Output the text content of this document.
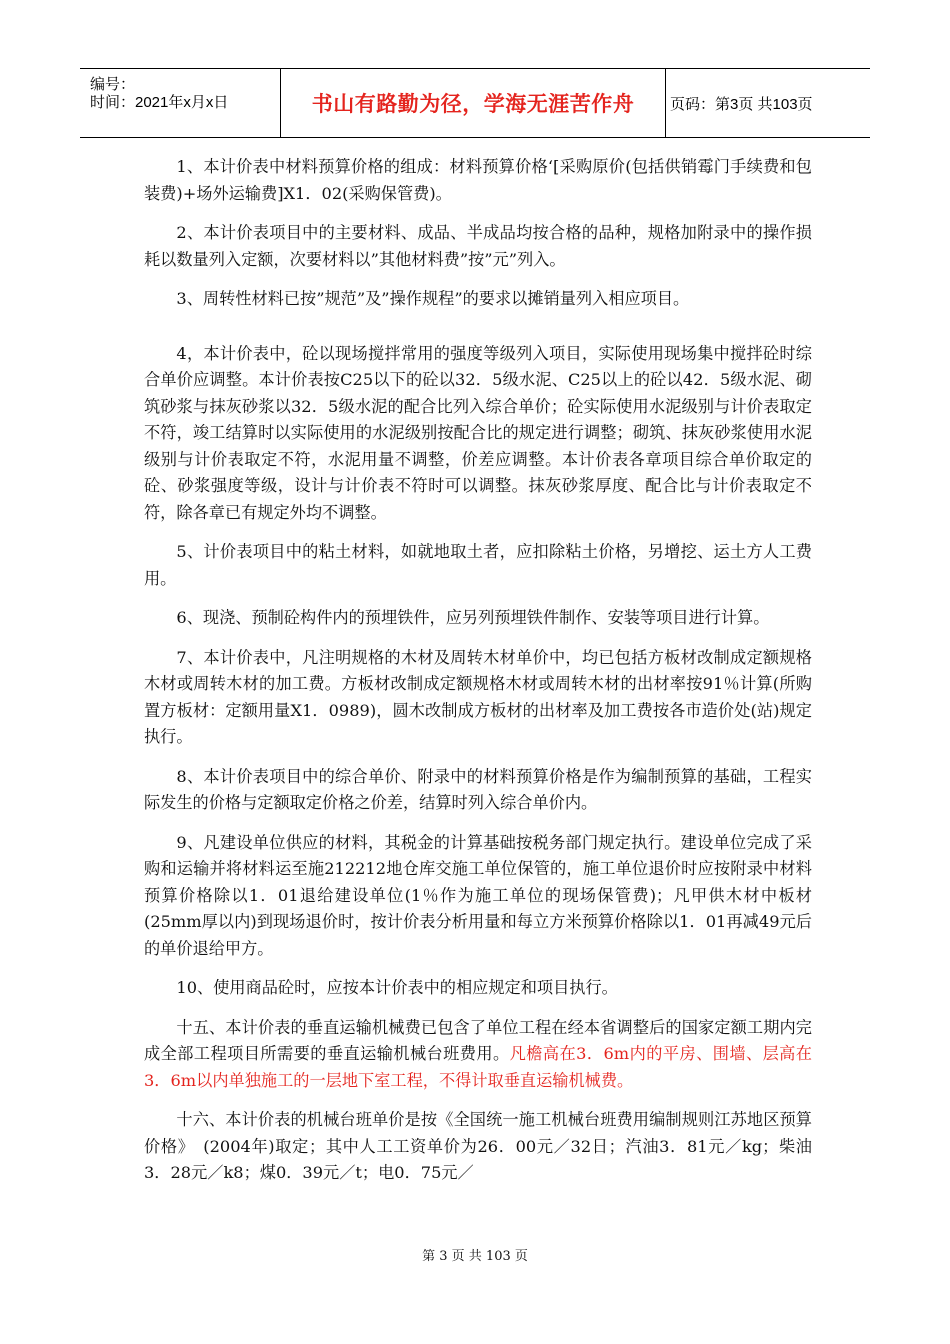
编号：
时间：2021年x月x日	书山有路勤为径，学海无涯苦作舟	页码：第3页 共103页

1、本计价表中材料预算价格的组成：材料预算价格‘[采购原价(包括供销霉门手续费和包装费)+场外运输费]X1．02(采购保管费)。

2、本计价表项目中的主要材料、成品、半成品均按合格的品种，规格加附录中的操作损耗以数量列入定额，次要材料以”其他材料费”按”元”列入。

3、周转性材料已按”规范”及”操作规程”的要求以摊销量列入相应项目。

4，本计价表中，砼以现场搅拌常用的强度等级列入项目，实际使用现场集中搅拌砼时综合单价应调整。本计价表按C25以下的砼以32．5级水泥、C25以上的砼以42．5级水泥、砌筑砂浆与抹灰砂浆以32．5级水泥的配合比列入综合单价；砼实际使用水泥级别与计价表取定不符，竣工结算时以实际使用的水泥级别按配合比的规定进行调整；砌筑、抹灰砂浆使用水泥级别与计价表取定不符，水泥用量不调整，价差应调整。本计价表各章项目综合单价取定的砼、砂浆强度等级，设计与计价表不符时可以调整。抹灰砂浆厚度、配合比与计价表取定不符，除各章已有规定外均不调整。

5、计价表项目中的粘土材料，如就地取土者，应扣除粘土价格，另增挖、运土方人工费用。

6、现浇、预制砼构件内的预埋铁件，应另列预埋铁件制作、安装等项目进行计算。

7、本计价表中，凡注明规格的木材及周转木材单价中，均已包括方板材改制成定额规格木材或周转木材的加工费。方板材改制成定额规格木材或周转木材的出材率按91％计算(所购置方板材：定额用量X1．0989)，圆木改制成方板材的出材率及加工费按各市造价处(站)规定执行。

8、本计价表项目中的综合单价、附录中的材料预算价格是作为编制预算的基础，工程实际发生的价格与定额取定价格之价差，结算时列入综合单价内。

9、凡建设单位供应的材料，其税金的计算基础按税务部门规定执行。建设单位完成了采购和运输并将材料运至施212212地仓库交施工单位保管的，施工单位退价时应按附录中材料预算价格除以1．01退给建设单位(1％作为施工单位的现场保管费)；凡甲供木材中板材(25mm厚以内)到现场退价时，按计价表分析用量和每立方米预算价格除以1．01再减49元后的单价退给甲方。

10、使用商品砼时，应按本计价表中的相应规定和项目执行。

十五、本计价表的垂直运输机械费已包含了单位工程在经本省调整后的国家定额工期内完成全部工程项目所需要的垂直运输机械台班费用。凡檐高在3．6m内的平房、围墙、层高在3．6m以内单独施工的一层地下室工程，不得计取垂直运输机械费。

十六、本计价表的机械台班单价是按《全国统一施工机械台班费用编制规则江苏地区预算价格》　(2004年)取定；其中人工工资单价为26．00元／32日；汽油3．81元／kg；柴油3．28元／k8；煤0．39元／t；电0．75元／

第 3 页 共 103 页
